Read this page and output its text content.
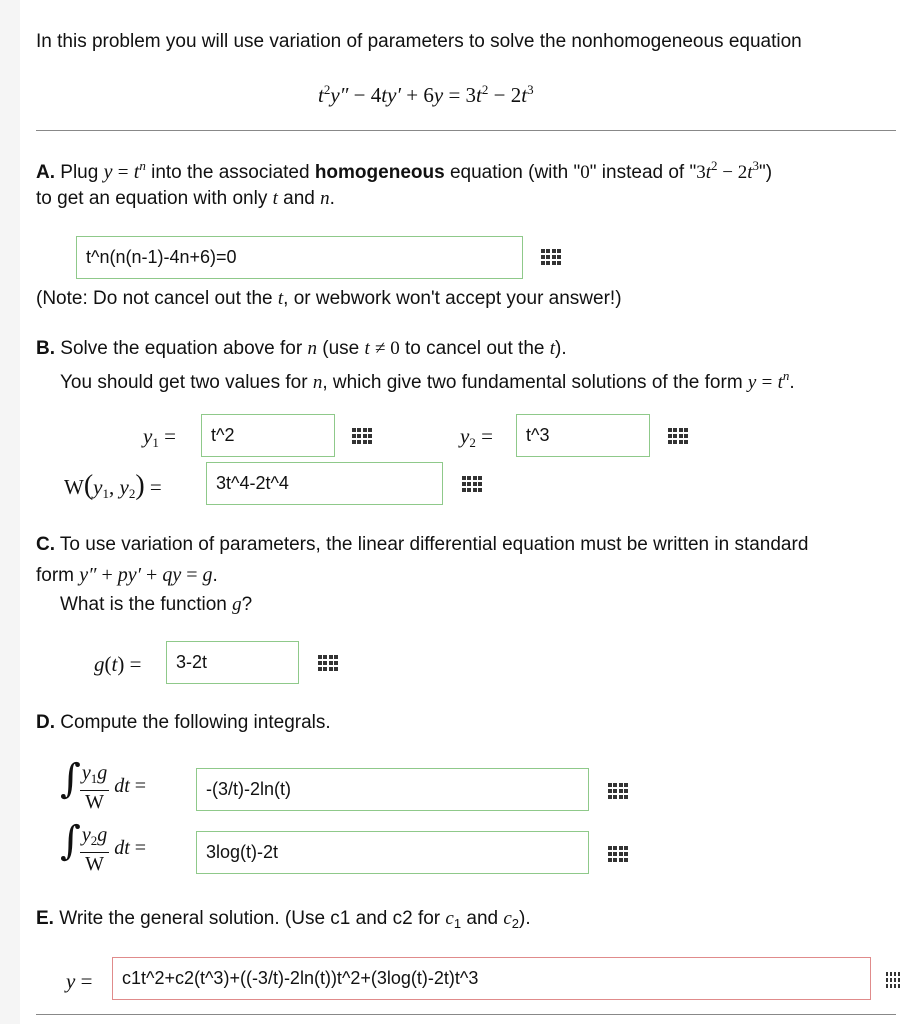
In this problem you will use variation of parameters to solve the nonhomogeneous equation
$t^2y'' - 4ty' + 6y = 3t^2 - 2t^3$
A. Plug $y = t^n$ into the associated homogeneous equation (with "0" instead of "$3t^2$ − $2t^3$")
to get an equation with only t and n.
t^n(n(n-1)-4n+6)=0
(Note: Do not cancel out the t, or webwork won't accept your answer!)
B. Solve the equation above for n (use t ≠ 0 to cancel out the t).
You should get two values for n, which give two fundamental solutions of the form $y = t^n$.
$y_1$ =	t^2	$y_2$ =	t^3
$W(y_1$, $y_2$) =	3t^4-2t^4
C. To use variation of parameters, the linear differential equation must be written in standard
form y″ + py′ + qy = g.
What is the function g?
g(t) =	3-2t
D. Compute the following integrals.
∫ $\frac{y_1g}{W}$ dt =	-(3/t)-2ln(t)
∫ $\frac{y_2g}{W}$ dt =	3log(t)-2t
E. Write the general solution. (Use c1 and c2 for $c_1$ and $c_2$).
y =	c1t^2+c2(t^3)+((-3/t)-2ln(t))t^2+(3log(t)-2t)t^3
